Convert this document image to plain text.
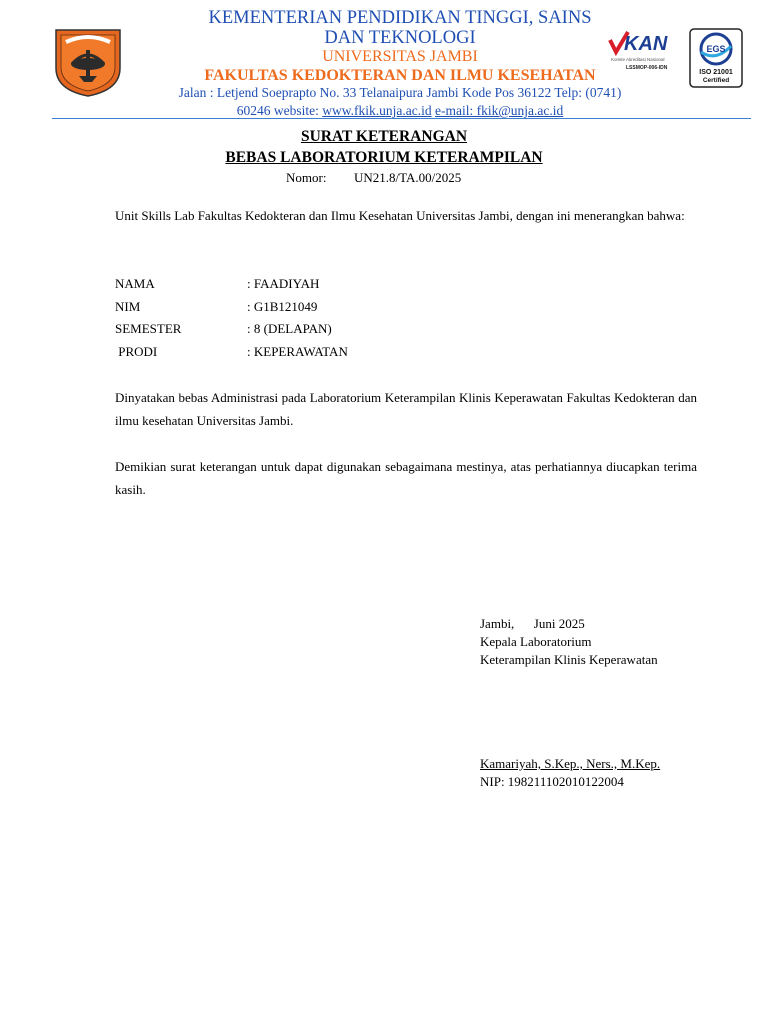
KAN
Komite Akreditasi Nasional
LSSMOP-006-IDN
EGS
ISO 21001
Certified
KEMENTERIAN PENDIDIKAN TINGGI, SAINS
DAN TEKNOLOGI
UNIVERSITAS JAMBI
FAKULTAS KEDOKTERAN DAN ILMU KESEHATAN
Jalan : Letjend Soeprapto No. 33 Telanaipura Jambi Kode Pos 36122 Telp: (0741)
60246 website: www.fkik.unja.ac.id e-mail: fkik@unja.ac.id
SURAT KETERANGAN
BEBAS LABORATORIUM KETERAMPILAN
Nomor: UN21.8/TA.00/2025
Unit Skills Lab Fakultas Kedokteran dan Ilmu Kesehatan Universitas Jambi, dengan ini menerangkan bahwa:
NAMA	: FAADIYAH
NIM	: G1B121049
SEMESTER	: 8 (DELAPAN)
PRODI	: KEPERAWATAN
Dinyatakan bebas Administrasi pada Laboratorium Keterampilan Klinis Keperawatan Fakultas Kedokteran dan ilmu kesehatan Universitas Jambi.
Demikian surat keterangan untuk dapat digunakan sebagaimana mestinya, atas perhatiannya diucapkan terima kasih.
Jambi,      Juni 2025
Kepala Laboratorium
Keterampilan Klinis Keperawatan
Kamariyah, S.Kep., Ners., M.Kep.
NIP: 198211102010122004
